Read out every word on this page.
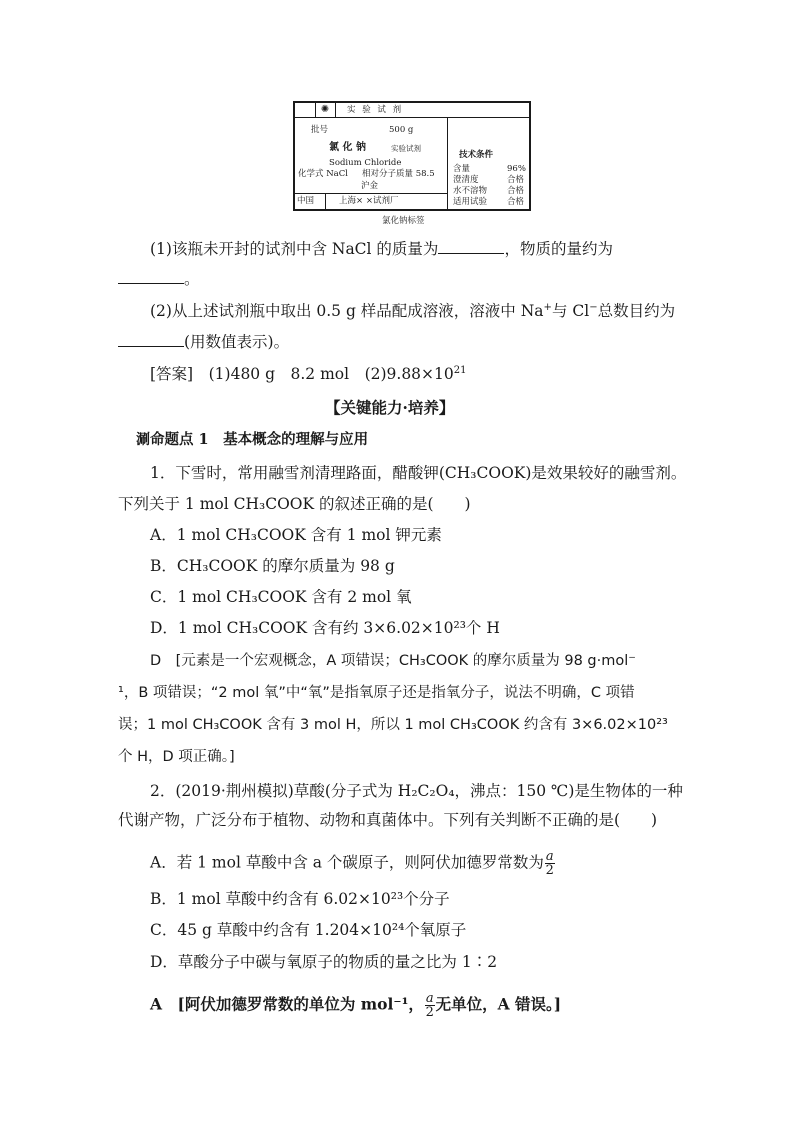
✺	实 验 试 剂
批号	500 g
氯 化 钠	实验试剂
Sodium Chloride
化学式 NaCl 相对分子质量 58.5
沪金
中国	上海× ×试剂厂
技术条件
含量	96%
澄清度	合格
水不溶物 合格
适用试验 合格
氯化钠标签
(1)该瓶未开封的试剂中含 NaCl 的质量为	，物质的量约为
。
(2)从上述试剂瓶中取出 0.5 g 样品配成溶液，溶液中 Na+与 Cl−总数目约为
(用数值表示)。
[答案]　 (1)480 g　8.2 mol　$(2)9.88\times 10^{21}$
【关键能力·培养】
涮命题点 1　基本概念的理解与应用
1．下雪时，常用融雪剂清理路面，醋酸钾(CH₃COOK)是效果较好的融雪剂。
下列关于 1 mol CH₃COOK 的叙述正确的是(　　)
A．1 mol CH₃COOK 含有 1 mol 钾元素
B．CH₃COOK 的摩尔质量为 98 g
C．1 mol CH₃COOK 含有 2 mol 氧
D．1 mol CH₃COOK 含有约 3×6.02×10²³个 H
D　[元素是一个宏观概念，A 项错误；CH₃COOK 的摩尔质量为 98 g·mol⁻
¹，B 项错误；“2 mol 氧”中“氧”是指氧原子还是指氧分子，说法不明确，C 项错
误；1 mol CH₃COOK 含有 3 mol H，所以 1 mol CH₃COOK 约含有 3×6.02×10²³
个 H，D 项正确。]
2．(2019·荆州模拟)草酸(分子式为 H₂C₂O₄，沸点：150 ℃)是生物体的一种
代谢产物，广泛分布于植物、动物和真菌体中。下列有关判断不正确的是(　　)
A．若 1 mol 草酸中含 a 个碳原子，则阿伏加德罗常数为 $\frac{a}{2}$
B．1 mol 草酸中约含有 6.02×10²³个分子
C．45 g 草酸中约含有 1.204×10²⁴个氧原子
D．草酸分子中碳与氧原子的物质的量之比为 1∶2
A　[阿伏加德罗常数的单位为 mol⁻¹， $\frac{a}{2}$ 无单位，A 错误。]
